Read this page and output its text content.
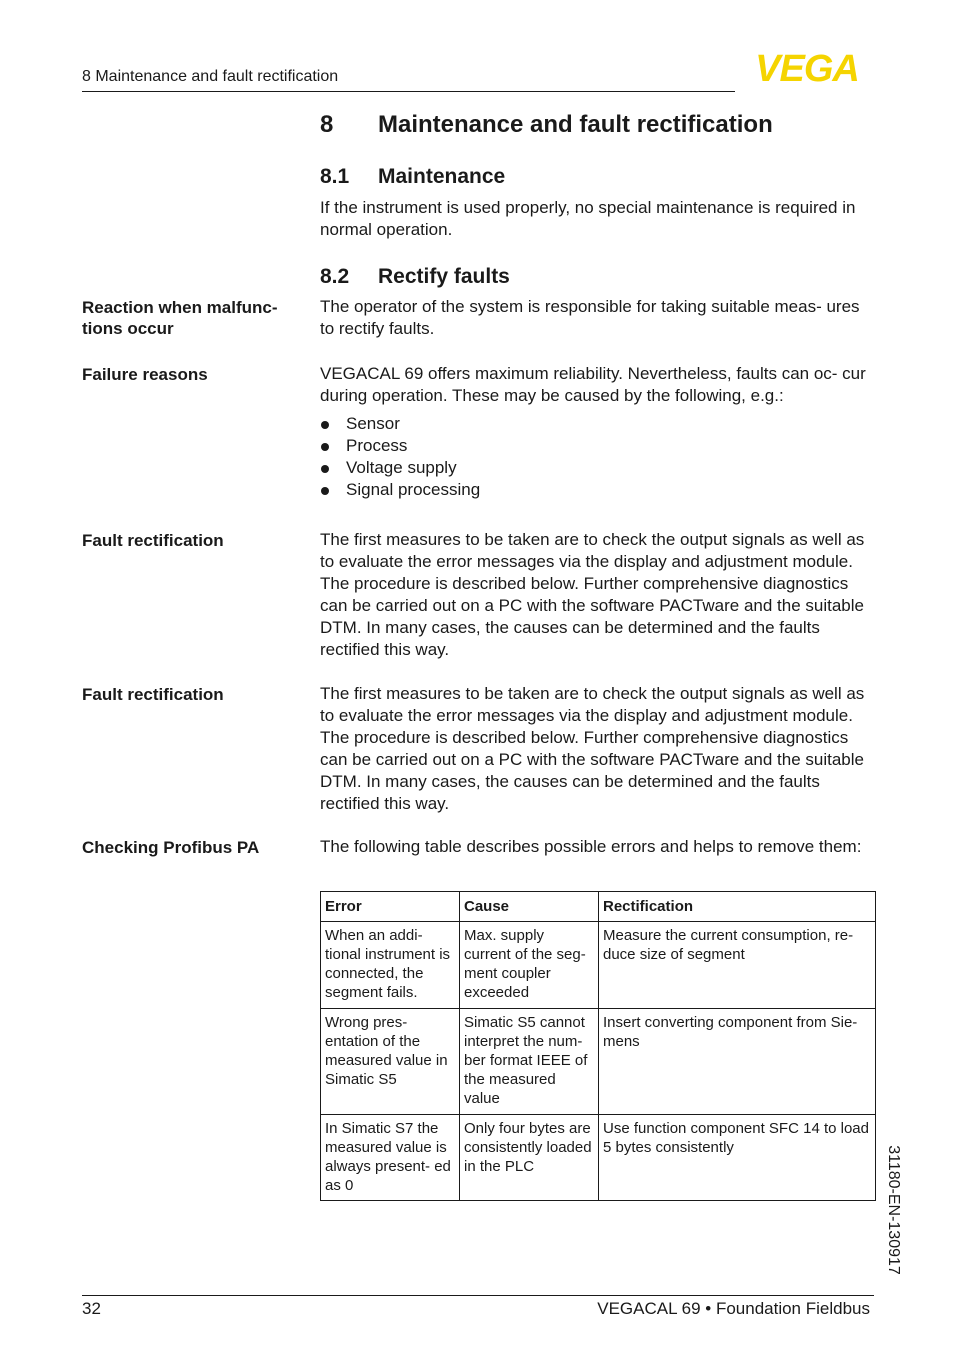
8 Maintenance and fault rectification	VEGA
8 Maintenance and fault rectification
8.1 Maintenance
If the instrument is used properly, no special maintenance is required in normal operation.
8.2 Rectify faults
Reaction when malfunc- tions occur
The operator of the system is responsible for taking suitable meas- ures to rectify faults.
Failure reasons	VEGACAL 69 offers maximum reliability. Nevertheless, faults can oc- cur during operation. These may be caused by the following, e.g.:
Sensor
Process
Voltage supply
Signal processing
Fault rectification	The first measures to be taken are to check the output signals as well as to evaluate the error messages via the display and adjustment module. The procedure is described below. Further comprehensive diagnostics can be carried out on a PC with the software PACTware and the suitable DTM. In many cases, the causes can be determined and the faults rectified this way.
Fault rectification	The first measures to be taken are to check the output signals as well as to evaluate the error messages via the display and adjustment module. The procedure is described below. Further comprehensive diagnostics can be carried out on a PC with the software PACTware and the suitable DTM. In many cases, the causes can be determined and the faults rectified this way.
Checking Profibus PA	The following table describes possible errors and helps to remove them:
Error	Cause	Rectification
When an addi- tional instrument is connected, the segment fails.	Max. supply current of the seg- ment coupler exceeded	Measure the current consumption, re- duce size of segment
Wrong pres- entation of the measured value in Simatic S5	Simatic S5 cannot interpret the num- ber format IEEE of the measured value	Insert converting component from Sie- mens
In Simatic S7 the measured value is always present- ed as 0	Only four bytes are consistently loaded in the PLC	Use function component SFC 14 to load 5 bytes consistently	31180-EN-130917
32	VEGACAL 69 • Foundation Fieldbus
